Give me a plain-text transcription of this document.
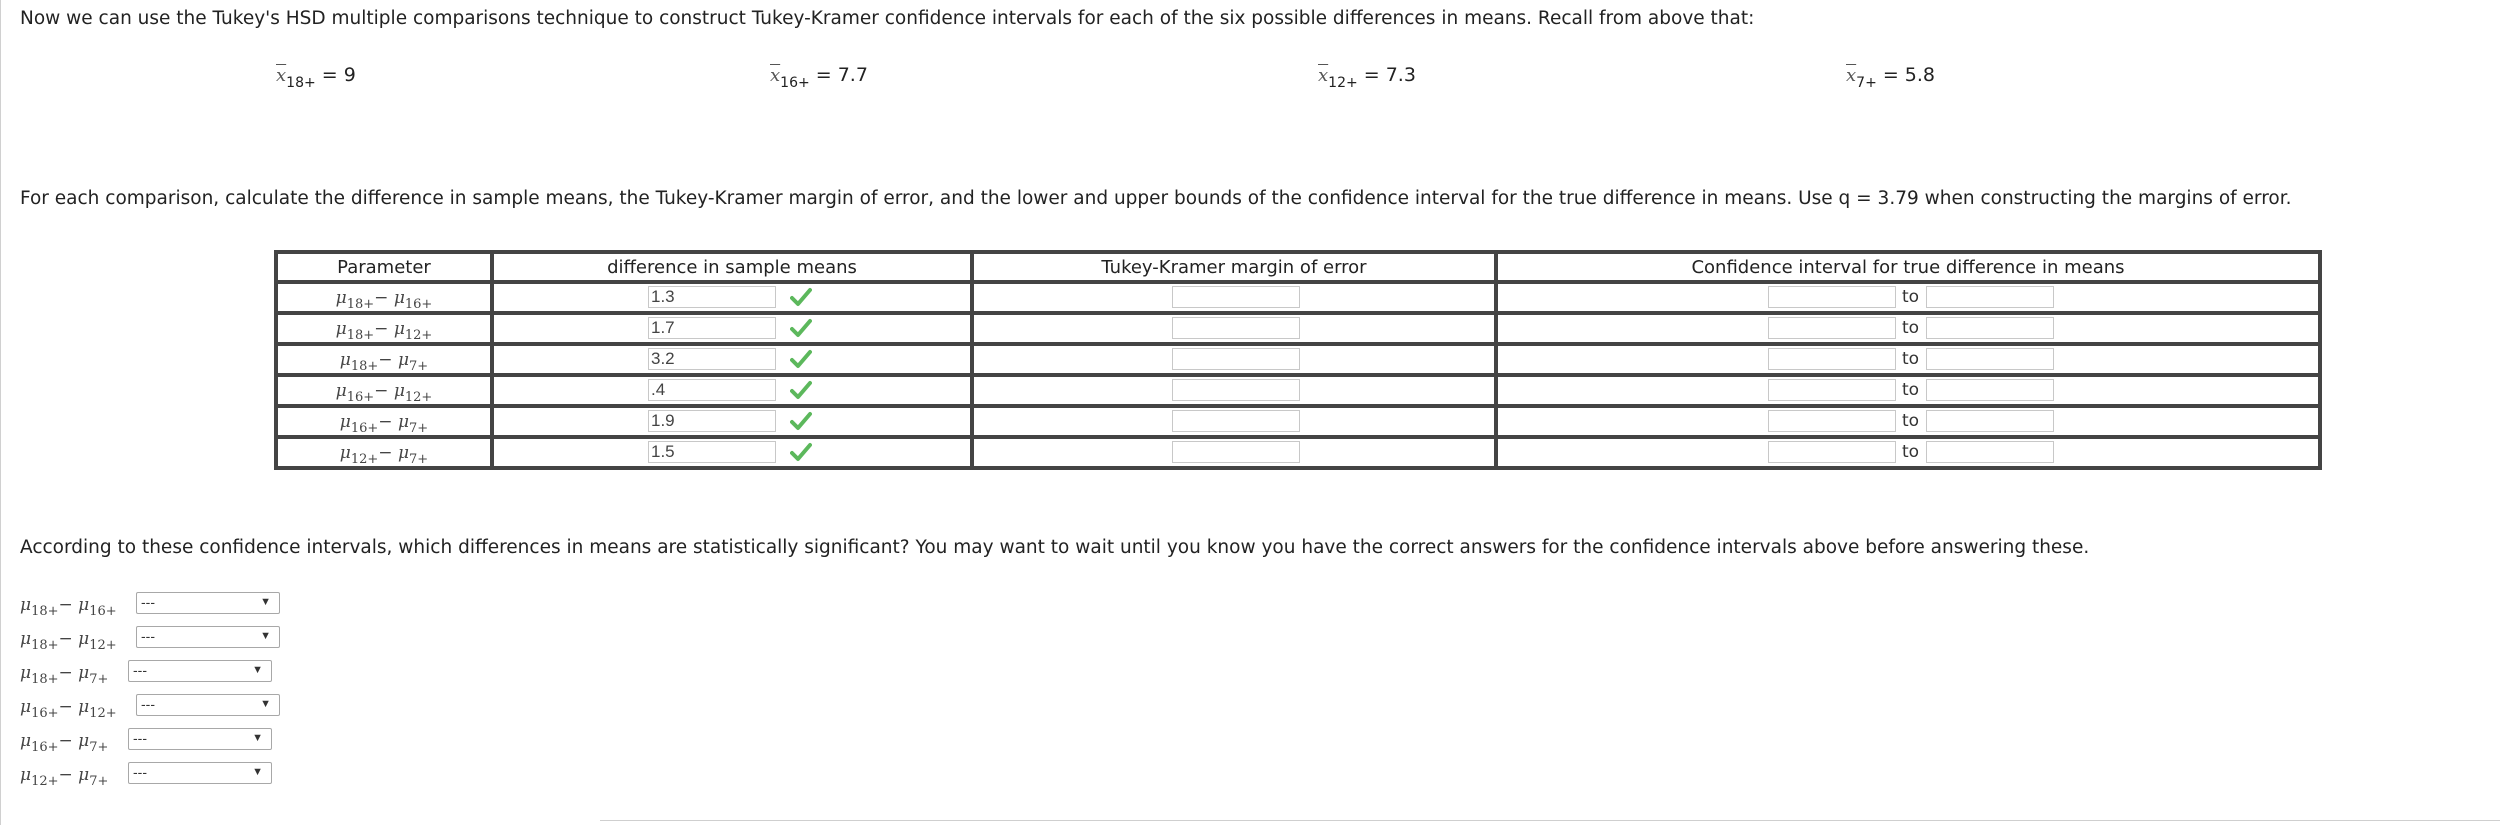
Now we can use the Tukey's HSD multiple comparisons technique to construct Tukey-Kramer confidence intervals for each of the six possible differences in means. Recall from above that:
$\overline{x}_{18+} = 9$	$\overline{x}_{16+} = 7.7$	$\overline{x}_{12+} = 7.3$	$\overline{x}_{7+} = 5.8$
For each comparison, calculate the difference in sample means, the Tukey-Kramer margin of error, and the lower and upper bounds of the confidence interval for the true difference in means. Use q = 3.79 when constructing the margins of error.
Parameter	difference in sample means	Tukey-Kramer margin of error	Confidence interval for true difference in means
$\mu_{18+}- \mu_{16+}$	1.3		to

$\mu_{18+}- \mu_{12+}$	1.7		to

$\mu_{18+}- \mu_{7+}$	3.2		to

$\mu_{16+}- \mu_{12+}$	.4		to

$\mu_{16+}- \mu_{7+}$	1.9		to

$\mu_{12+}- \mu_{7+}$	1.5		to
According to these confidence intervals, which differences in means are statistically significant? You may want to wait until you know you have the correct answers for the confidence intervals above before answering these.
$\mu_{18+}- \mu_{16+}$
---	▼
$\mu_{18+}- \mu_{12+}$
---	▼
$\mu_{18+}- \mu_{7+}$
---	▼
$\mu_{16+}- \mu_{12+}$
---	▼
$\mu_{16+}- \mu_{7+}$
---	▼
$\mu_{12+}- \mu_{7+}$
---	▼
